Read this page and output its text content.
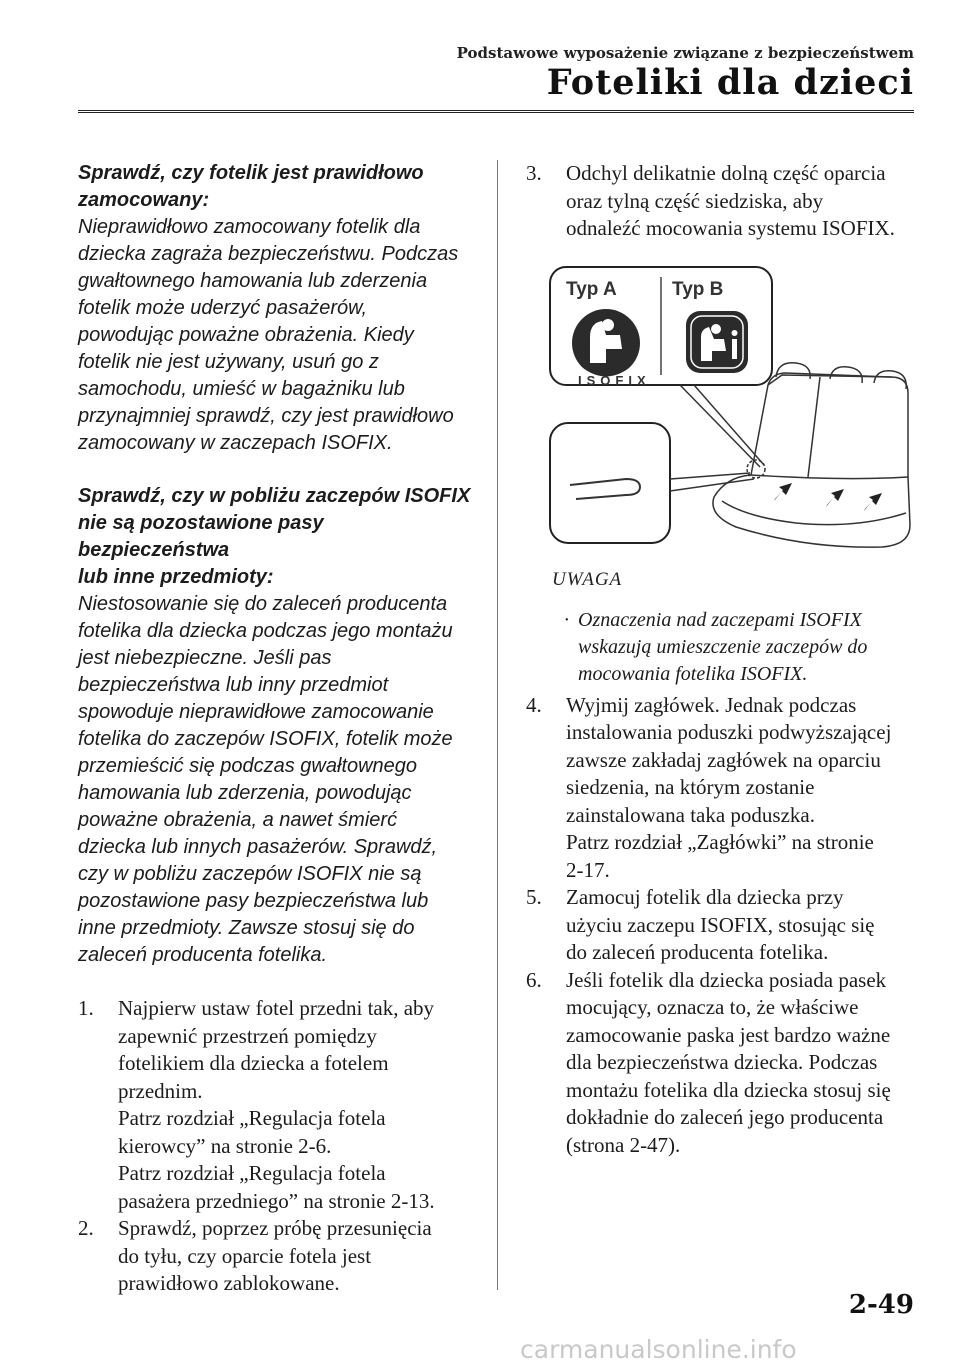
Podstawowe wyposażenie związane z bezpieczeństwem
Foteliki dla dzieci

Sprawdź, czy fotelik jest prawidłowo

zamocowany:

Nieprawidłowo zamocowany fotelik dla

dziecka zagraża bezpieczeństwu. Podczas

gwałtownego hamowania lub zderzenia

fotelik może uderzyć pasażerów,

powodując poważne obrażenia. Kiedy

fotelik nie jest używany, usuń go z

samochodu, umieść w bagażniku lub

przynajmniej sprawdź, czy jest prawidłowo

zamocowany w zaczepach ISOFIX.

Sprawdź, czy w pobliżu zaczepów ISOFIX

nie są pozostawione pasy bezpieczeństwa

lub inne przedmioty:

Niestosowanie się do zaleceń producenta

fotelika dla dziecka podczas jego montażu

jest niebezpieczne. Jeśli pas

bezpieczeństwa lub inny przedmiot

spowoduje nieprawidłowe zamocowanie

fotelika do zaczepów ISOFIX, fotelik może

przemieścić się podczas gwałtownego

hamowania lub zderzenia, powodując

poważne obrażenia, a nawet śmierć

dziecka lub innych pasażerów. Sprawdź,

czy w pobliżu zaczepów ISOFIX nie są

pozostawione pasy bezpieczeństwa lub

inne przedmioty. Zawsze stosuj się do

zaleceń producenta fotelika.

1. Najpierw ustaw fotel przedni tak, aby

zapewnić przestrzeń pomiędzy

fotelikiem dla dziecka a fotelem

przednim.

Patrz rozdział „Regulacja fotela

kierowcy” na stronie 2-6.

Patrz rozdział „Regulacja fotela

pasażera przedniego” na stronie 2-13.

2. Sprawdź, poprzez próbę przesunięcia

do tyłu, czy oparcie fotela jest

prawidłowo zablokowane.

3. Odchyl delikatnie dolną część oparcia

oraz tylną część siedziska, aby

odnaleźć mocowania systemu ISOFIX.

Typ A	Typ B
ISOFIX
UWAGA
· Oznaczenia nad zaczepami ISOFIX
wskazują umieszczenie zaczepów do
mocowania fotelika ISOFIX.
4. Wyjmij zagłówek. Jednak podczas

instalowania poduszki podwyższającej

zawsze zakładaj zagłówek na oparciu

siedzenia, na którym zostanie

zainstalowana taka poduszka.

Patrz rozdział „Zagłówki” na stronie

2-17.

5. Zamocuj fotelik dla dziecka przy

użyciu zaczepu ISOFIX, stosując się

do zaleceń producenta fotelika.

6. Jeśli fotelik dla dziecka posiada pasek

mocujący, oznacza to, że właściwe

zamocowanie paska jest bardzo ważne

dla bezpieczeństwa dziecka. Podczas

montażu fotelika dla dziecka stosuj się

dokładnie do zaleceń jego producenta

(strona 2-47).

2-49
carmanualsonline.info
